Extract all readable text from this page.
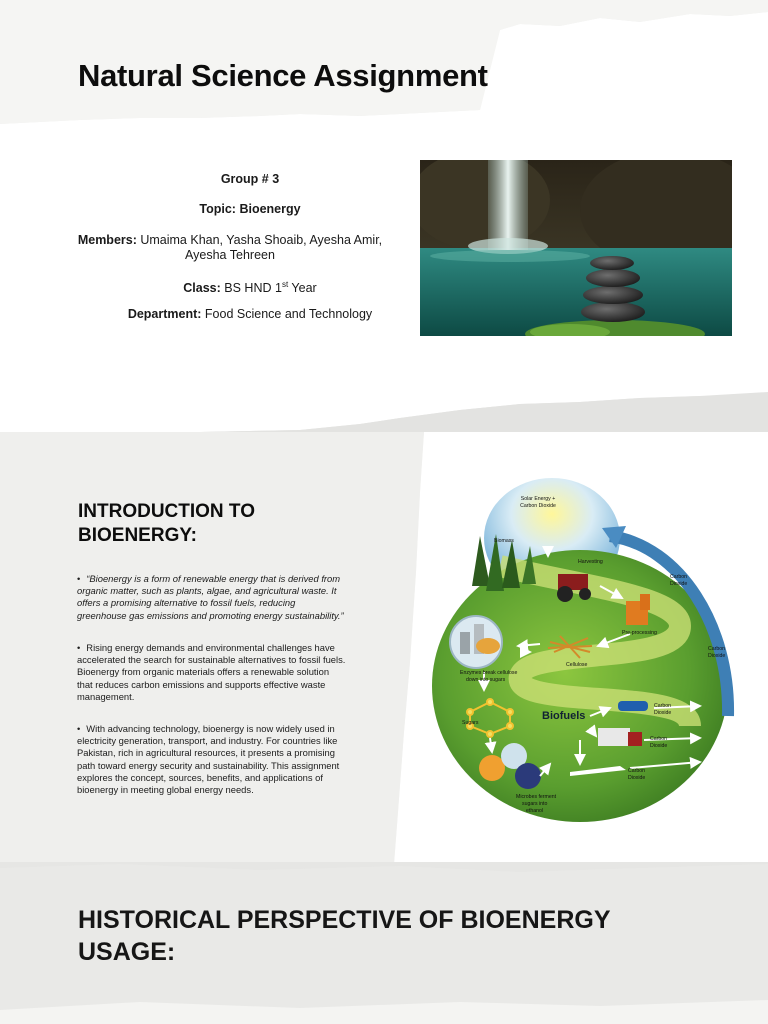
Natural Science Assignment
Group # 3
Topic: Bioenergy
Members: Umaima Khan, Yasha Shoaib, Ayesha Amir, Ayesha Tehreen
Class: BS HND 1st Year
Department: Food Science and Technology
INTRODUCTION TO
BIOENERGY:
• “Bioenergy is a form of renewable energy that is derived from organic matter, such as plants, algae, and agricultural waste. It offers a promising alternative to fossil fuels, reducing greenhouse gas emissions and promoting energy sustainability.”
• Rising energy demands and environmental challenges have accelerated the search for sustainable alternatives to fossil fuels. Bioenergy from organic materials offers a renewable solution that reduces carbon emissions and supports effective waste management.
• With advancing technology, bioenergy is now widely used in electricity generation, transport, and industry. For countries like Pakistan, rich in agricultural resources, it presents a promising path toward energy security and sustainability. This assignment explores the concept, sources, benefits, and applications of bioenergy in meeting global energy needs.
Solar Energy +
Carbon Dioxide
Biomass
Harvesting
Carbon
Dioxide
Pre-processing
Carbon
Dioxide
Cellulose
Enzymes break cellulose
down into sugars
Sugars
Carbon
Dioxide
Carbon
Dioxide
Carbon
Dioxide
Microbes ferment
sugars into
ethanol
Biofuels
HISTORICAL PERSPECTIVE OF BIOENERGY
USAGE:
